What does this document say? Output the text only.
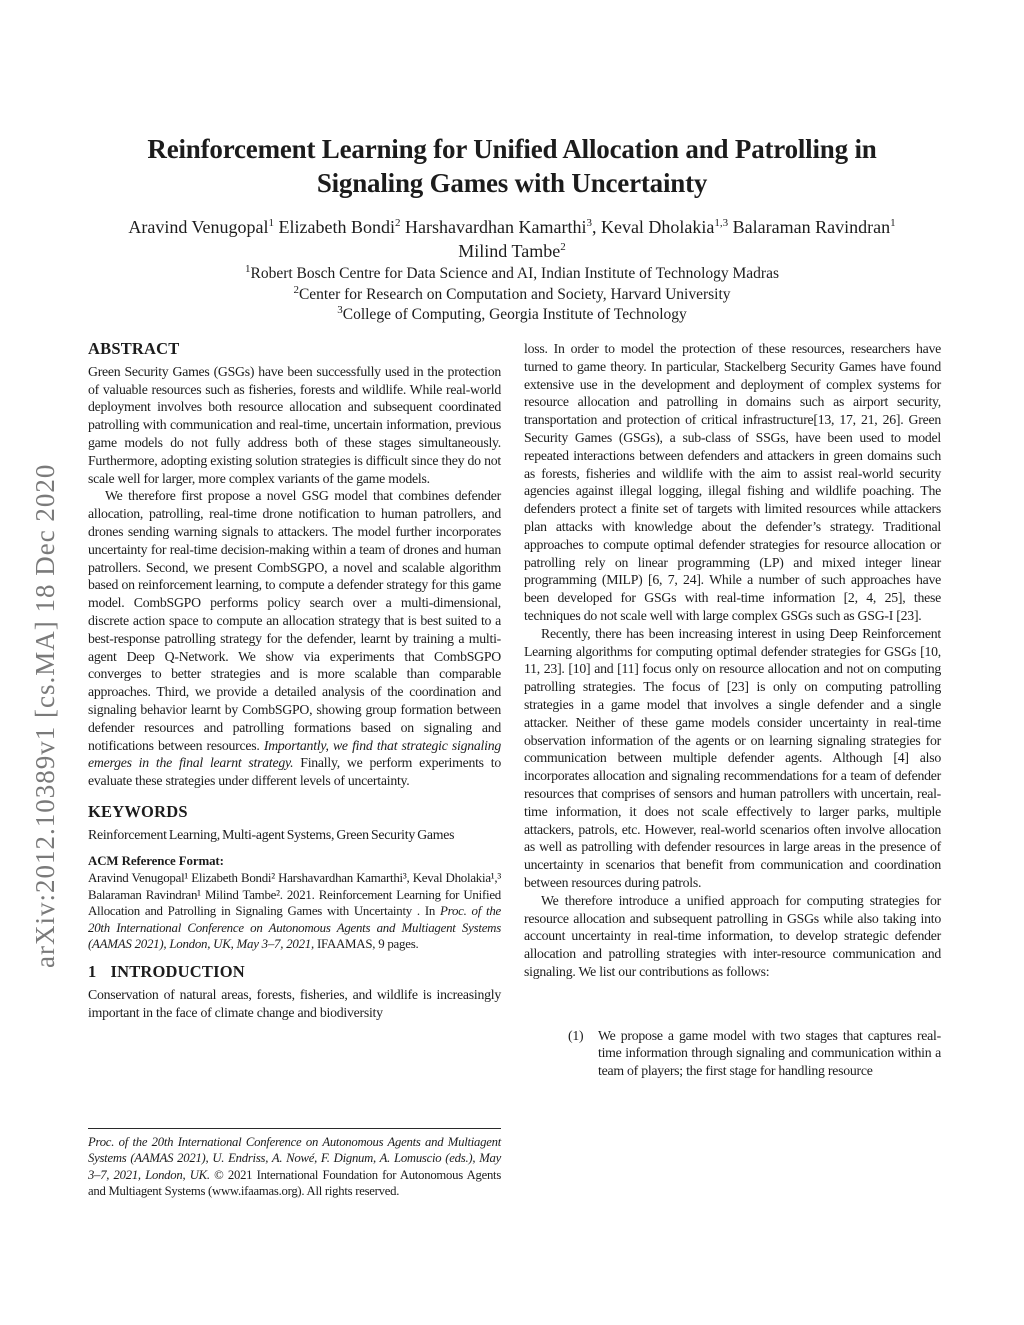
arXiv:2012.10389v1 [cs.MA] 18 Dec 2020
Reinforcement Learning for Unified Allocation and Patrolling in
Signaling Games with Uncertainty
Aravind Venugopal$^1$ Elizabeth Bondi$^2$ Harshavardhan Kamarthi$^3$, Keval Dholakia$^{1,3}$ Balaraman Ravindran$^1$ Milind Tambe$^2$
$^1$Robert Bosch Centre for Data Science and AI, Indian Institute of Technology Madras
$^2$Center for Research on Computation and Society, Harvard University
$^3$College of Computing, Georgia Institute of Technology
ABSTRACT

Green Security Games (GSGs) have been successfully used in the protection of valuable resources such as fisheries, forests and wildlife. While real-world deployment involves both resource allocation and subsequent coordinated patrolling with communication and real-time, uncertain information, previous game models do not fully address both of these stages simultaneously. Furthermore, adopting existing solution strategies is difficult since they do not scale well for larger, more complex variants of the game models.

We therefore first propose a novel GSG model that combines defender allocation, patrolling, real-time drone notification to human patrollers, and drones sending warning signals to attackers. The model further incorporates uncertainty for real-time decision-making within a team of drones and human patrollers. Second, we present CombSGPO, a novel and scalable algorithm based on reinforcement learning, to compute a defender strategy for this game model. CombSGPO performs policy search over a multi-dimensional, discrete action space to compute an allocation strategy that is best suited to a best-response patrolling strategy for the defender, learnt by training a multi-agent Deep Q-Network. We show via experiments that CombSGPO converges to better strategies and is more scalable than comparable approaches. Third, we provide a detailed analysis of the coordination and signaling behavior learnt by CombSGPO, showing group formation between defender resources and patrolling formations based on signaling and notifications between resources. Importantly, we find that strategic signaling emerges in the final learnt strategy. Finally, we perform experiments to evaluate these strategies under different levels of uncertainty.

KEYWORDS

Reinforcement Learning, Multi-agent Systems, Green Security Games

ACM Reference Format:

Aravind Venugopal¹ Elizabeth Bondi² Harshavardhan Kamarthi³, Keval Dholakia¹,³ Balaraman Ravindran¹ Milind Tambe². 2021. Reinforcement Learning for Unified Allocation and Patrolling in Signaling Games with Uncertainty . In Proc. of the 20th International Conference on Autonomous Agents and Multiagent Systems (AAMAS 2021), London, UK, May 3–7, 2021, IFAAMAS, 9 pages.

1 INTRODUCTION

Conservation of natural areas, forests, fisheries, and wildlife is increasingly important in the face of climate change and biodiversity

loss. In order to model the protection of these resources, researchers have turned to game theory. In particular, Stackelberg Security Games have found extensive use in the development and deployment of complex systems for resource allocation and patrolling in domains such as airport security, transportation and protection of critical infrastructure[13, 17, 21, 26]. Green Security Games (GSGs), a sub-class of SSGs, have been used to model repeated interactions between defenders and attackers in green domains such as forests, fisheries and wildlife with the aim to assist real-world security agencies against illegal logging, illegal fishing and wildlife poaching. The defenders protect a finite set of targets with limited resources while attackers plan attacks with knowledge about the defender’s strategy. Traditional approaches to compute optimal defender strategies for resource allocation or patrolling rely on linear programming (LP) and mixed integer linear programming (MILP) [6, 7, 24]. While a number of such approaches have been developed for GSGs with real-time information [2, 4, 25], these techniques do not scale well with large complex GSGs such as GSG-I [23].

Recently, there has been increasing interest in using Deep Reinforcement Learning algorithms for computing optimal defender strategies for GSGs [10, 11, 23]. [10] and [11] focus only on resource allocation and not on computing patrolling strategies. The focus of [23] is only on computing patrolling strategies in a game model that involves a single defender and a single attacker. Neither of these game models consider uncertainty in real-time observation information of the agents or on learning signaling strategies for communication between multiple defender agents. Although [4] also incorporates allocation and signaling recommendations for a team of defender resources that comprises of sensors and human patrollers with uncertain, real-time information, it does not scale effectively to larger parks, multiple attackers, patrols, etc. However, real-world scenarios often involve allocation as well as patrolling with defender resources in large areas in the presence of uncertainty in scenarios that benefit from communication and coordination between resources during patrols.

We therefore introduce a unified approach for computing strategies for resource allocation and subsequent patrolling in GSGs while also taking into account uncertainty in real-time information, to develop strategic defender allocation and patrolling strategies with inter-resource communication and signaling. We list our contributions as follows:

(1)	We propose a game model with two stages that captures real-time information through signaling and communication within a team of players; the first stage for handling resource
Proc. of the 20th International Conference on Autonomous Agents and Multiagent Systems (AAMAS 2021), U. Endriss, A. Nowé, F. Dignum, A. Lomuscio (eds.), May 3–7, 2021, London, UK. © 2021 International Foundation for Autonomous Agents and Multiagent Systems (www.ifaamas.org). All rights reserved.
